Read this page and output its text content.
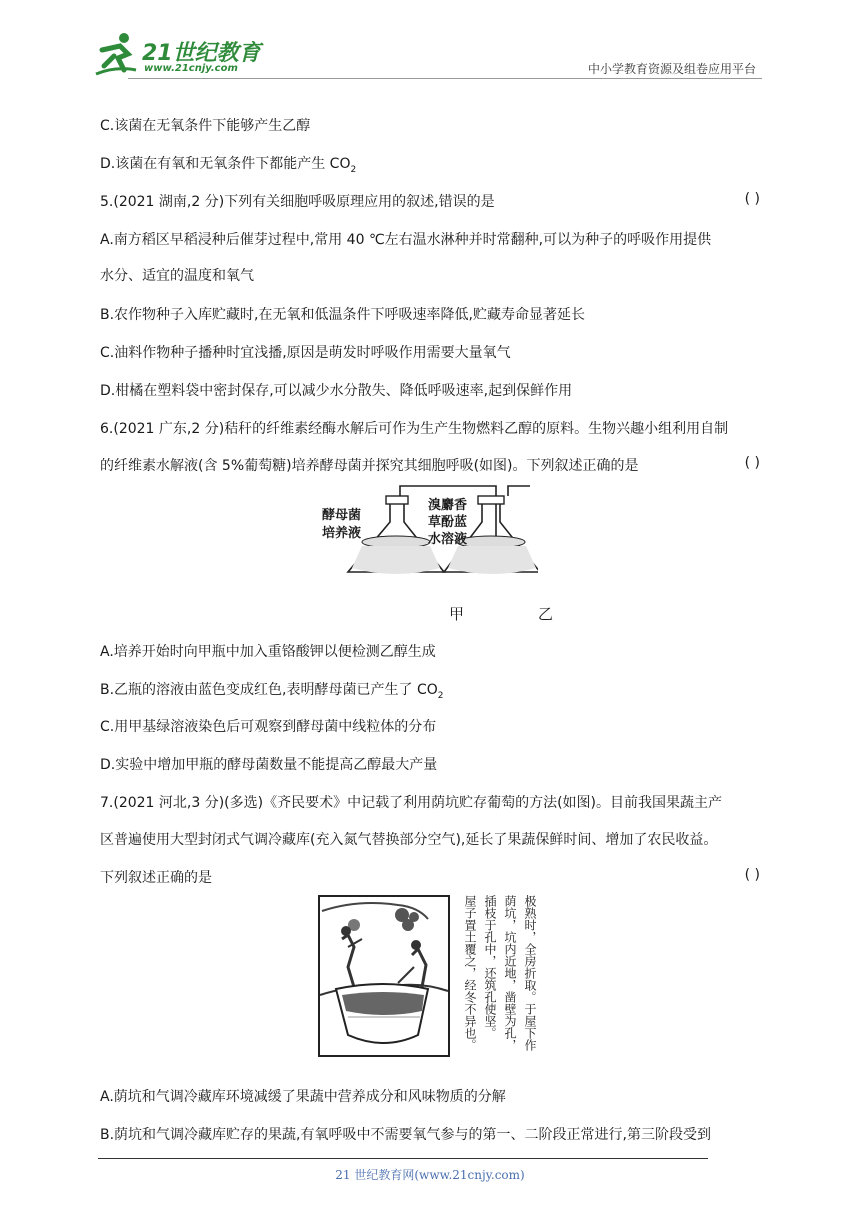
21世纪教育
www.21cnjy.com	中小学教育资源及组卷应用平台
C.该菌在无氧条件下能够产生乙醇
D.该菌在有氧和无氧条件下都能产生 $CO_2$
5.(2021 湖南,2 分)下列有关细胞呼吸原理应用的叙述,错误的是	( )
A.南方稻区早稻浸种后催芽过程中,常用 40 ℃左右温水淋种并时常翻种,可以为种子的呼吸作用提供
水分、适宜的温度和氧气
B.农作物种子入库贮藏时,在无氧和低温条件下呼吸速率降低,贮藏寿命显著延长
C.油料作物种子播种时宜浅播,原因是萌发时呼吸作用需要大量氧气
D.柑橘在塑料袋中密封保存,可以减少水分散失、降低呼吸速率,起到保鲜作用
6.(2021 广东,2 分)秸秆的纤维素经酶水解后可作为生产生物燃料乙醇的原料。生物兴趣小组利用自制
的纤维素水解液(含 5%葡萄糖)培养酵母菌并探究其细胞呼吸(如图)。下列叙述正确的是	( )
酵母菌
培养液
溴麝香
草酚蓝
水溶液
甲	乙
A.培养开始时向甲瓶中加入重铬酸钾以便检测乙醇生成
B.乙瓶的溶液由蓝色变成红色,表明酵母菌已产生了 $CO_2$
C.用甲基绿溶液染色后可观察到酵母菌中线粒体的分布
D.实验中增加甲瓶的酵母菌数量不能提高乙醇最大产量
7.(2021 河北,3 分)(多选)《齐民要术》中记载了利用荫坑贮存葡萄的方法(如图)。目前我国果蔬主产
区普遍使用大型封闭式气调冷藏库(充入氮气替换部分空气),延长了果蔬保鲜时间、增加了农民收益。
下列叙述正确的是	( )
极熟时，全房折取。于屋下作
荫坑，坑内近地，凿壁为孔，
插枝于孔中，还筑孔使坚。
屋子置土覆之，经冬不异也。
A.荫坑和气调冷藏库环境减缓了果蔬中营养成分和风味物质的分解
B.荫坑和气调冷藏库贮存的果蔬,有氧呼吸中不需要氧气参与的第一、二阶段正常进行,第三阶段受到
21 世纪教育网(www.21cnjy.com)
